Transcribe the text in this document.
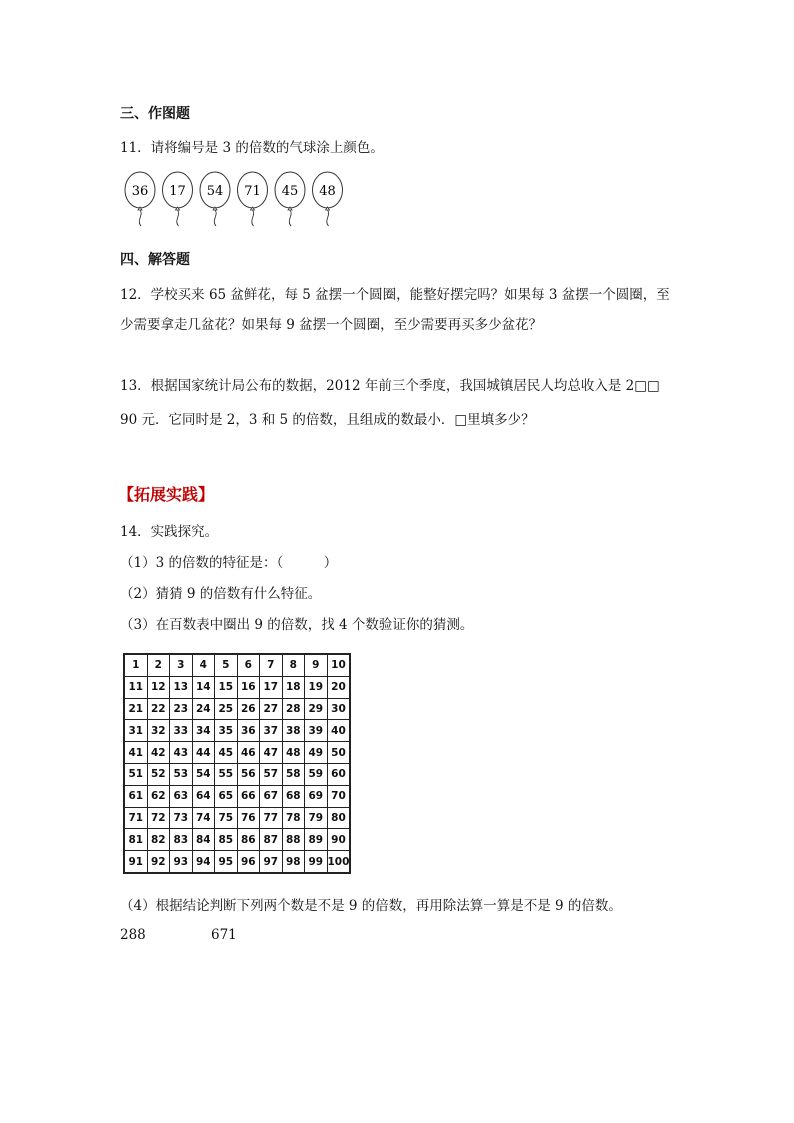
三、作图题
11．请将编号是 3 的倍数的气球涂上颜色。
36 17 54 71 45 48
四、解答题
12．学校买来 65 盆鲜花，每 5 盆摆一个圆圈，能整好摆完吗？如果每 3 盆摆一个圆圈，至
少需要拿走几盆花？如果每 9 盆摆一个圆圈，至少需要再买多少盆花？
13．根据国家统计局公布的数据，2012 年前三个季度，我国城镇居民人均总收入是 2□□
90 元．它同时是 2，3 和 5 的倍数，且组成的数最小．□里填多少？
【拓展实践】
14．实践探究。
（1）3 的倍数的特征是：（　　　）
（2）猜猜 9 的倍数有什么特征。
（3）在百数表中圈出 9 的倍数，找 4 个数验证你的猜测。
1	2	3	4	5	6	7	8	9	10
11	12	13	14	15	16	17	18	19	20
21	22	23	24	25	26	27	28	29	30
31	32	33	34	35	36	37	38	39	40
41	42	43	44	45	46	47	48	49	50
51	52	53	54	55	56	57	58	59	60
61	62	63	64	65	66	67	68	69	70
71	72	73	74	75	76	77	78	79	80
81	82	83	84	85	86	87	88	89	90
91	92	93	94	95	96	97	98	99	100
（4）根据结论判断下列两个数是不是 9 的倍数，再用除法算一算是不是 9 的倍数。
288	671
